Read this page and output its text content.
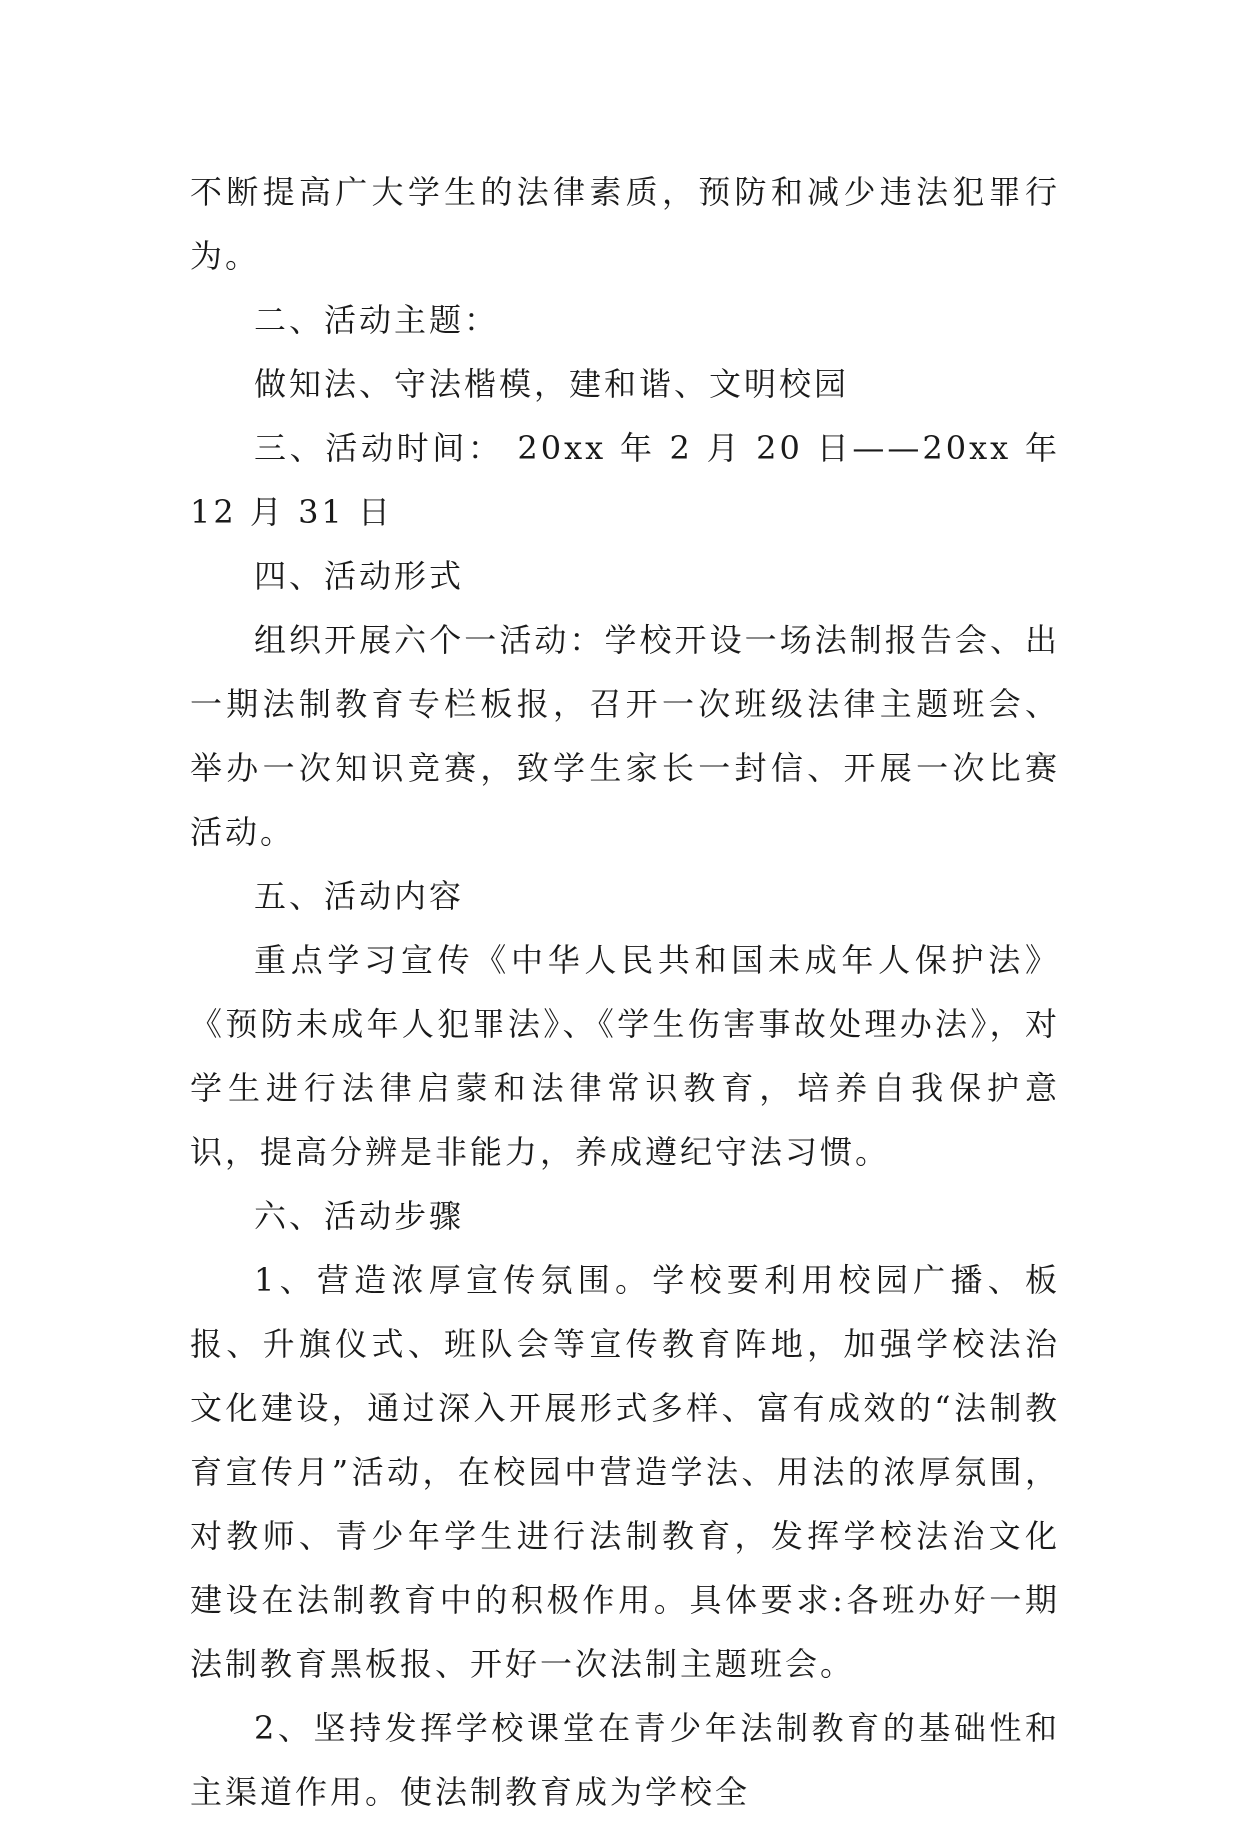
不断提高广大学生的法律素质，预防和减少违法犯罪行为。

二、活动主题：

做知法、守法楷模，建和谐、文明校园

三、活动时间： 20xx 年 2 月 20 日——20xx 年 12 月 31 日

四、活动形式

组织开展六个一活动：学校开设一场法制报告会、出一期法制教育专栏板报，召开一次班级法律主题班会、举办一次知识竞赛，致学生家长一封信、开展一次比赛活动。

五、活动内容

重点学习宣传《中华人民共和国未成年人保护法》《预防未成年人犯罪法》、《学生伤害事故处理办法》，对学生进行法律启蒙和法律常识教育，培养自我保护意识，提高分辨是非能力，养成遵纪守法习惯。

六、活动步骤

1、营造浓厚宣传氛围。学校要利用校园广播、板报、升旗仪式、班队会等宣传教育阵地，加强学校法治文化建设，通过深入开展形式多样、富有成效的“法制教育宣传月”活动，在校园中营造学法、用法的浓厚氛围，对教师、青少年学生进行法制教育，发挥学校法治文化建设在法制教育中的积极作用。具体要求:各班办好一期法制教育黑板报、开好一次法制主题班会。

2、坚持发挥学校课堂在青少年法制教育的基础性和主渠道作用。使法制教育成为学校全
